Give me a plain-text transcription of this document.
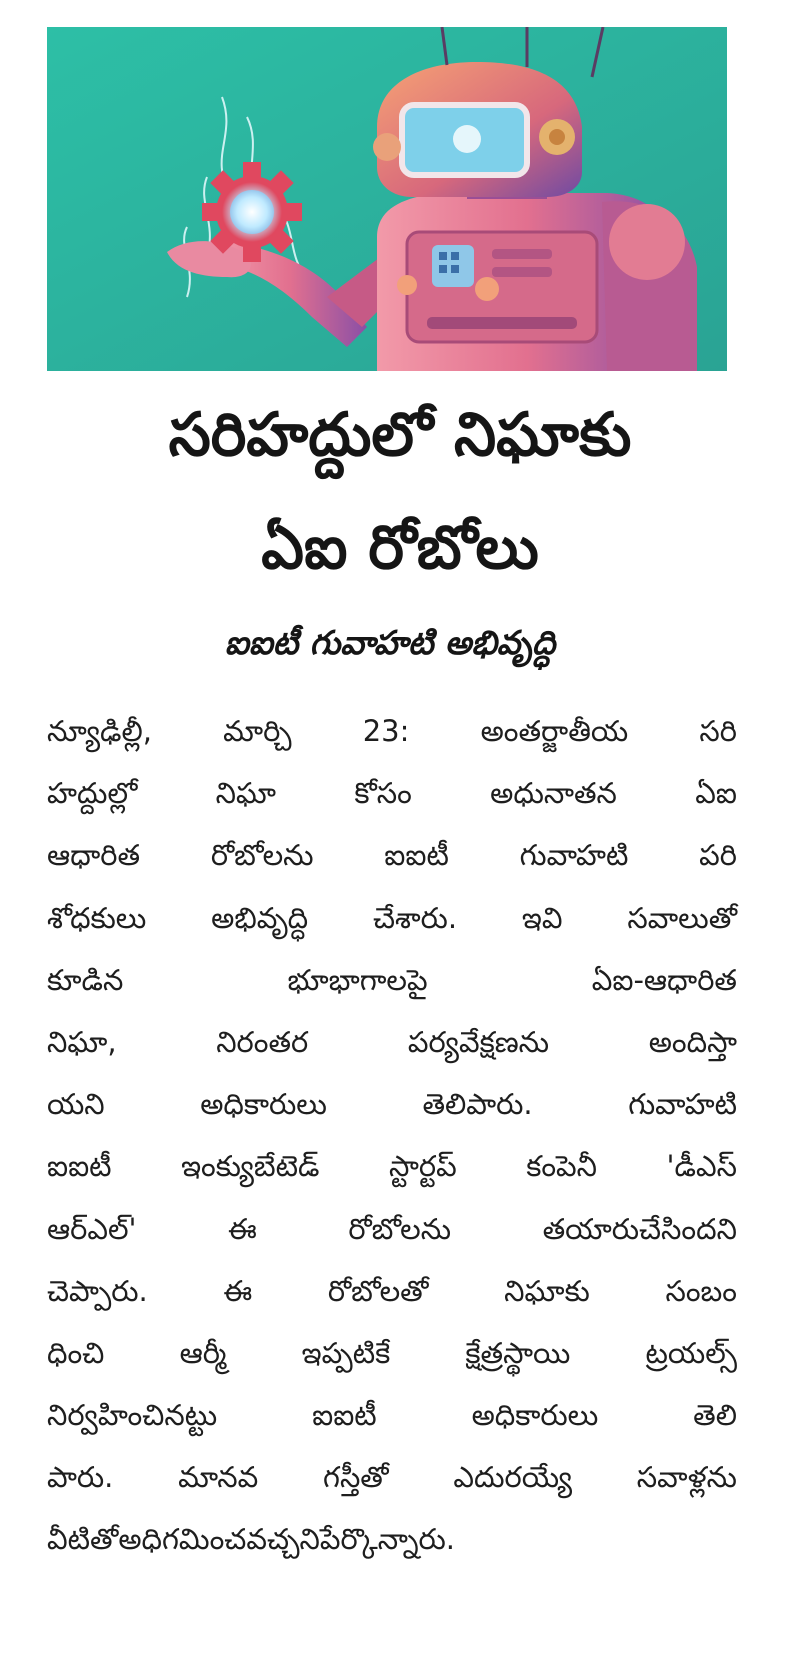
సరిహద్దులో నిఘాకు
ఏఐ రోబోలు
ఐఐటీ గువాహటి అభివృద్ధి
న్యూఢిల్లీ, మార్చి 23: అంతర్జాతీయ సరి
హద్దుల్లో	నిఘా	కోసం	అధునాతన	ఏఐ
ఆధారిత రోబోలను ఐఐటీ గువాహటి పరి
శోధకులు అభివృద్ధి చేశారు. ఇవి సవాలుతో
కూడిన	భూభాగాలపై	ఏఐ-ఆధారిత
నిఘా,	నిరంతర	పర్యవేక్షణను	అందిస్తా
యని	అధికారులు	తెలిపారు.	గువాహటి
ఐఐటీ ఇంక్యుబేటెడ్ స్టార్టప్ కంపెనీ 'డీఎస్
ఆర్ఎల్'	ఈ	రోబోలను	తయారుచేసిందని
చెప్పారు.	ఈ	రోబోలతో	నిఘాకు	సంబం
ధించి	ఆర్మీ	ఇప్పటికే	క్షేత్రస్థాయి	ట్రయల్స్
నిర్వహించినట్టు	ఐఐటీ	అధికారులు	తెలి
పారు. మానవ గస్తీతో ఎదురయ్యే సవాళ్లను
వీటితో అధిగమించవచ్చని పేర్కొన్నారు.
